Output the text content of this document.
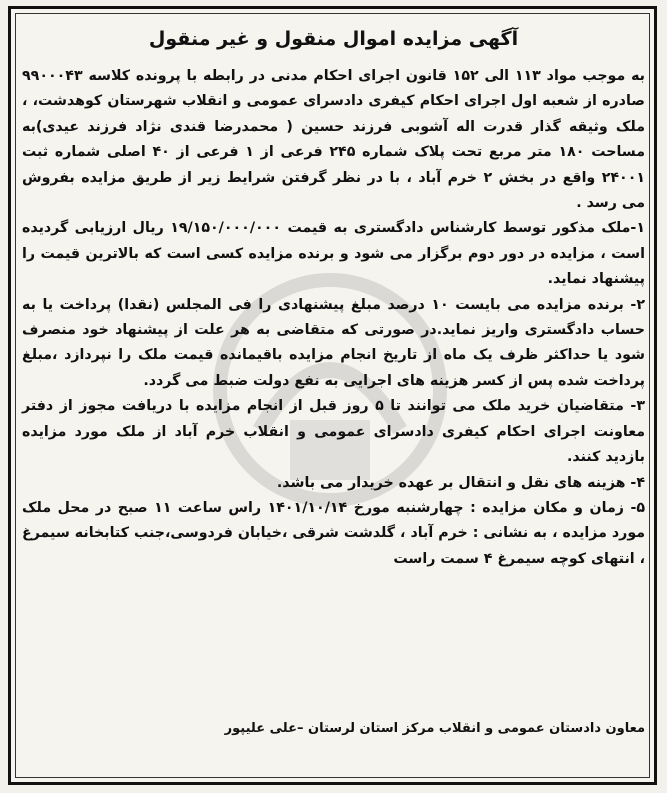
آگهی مزایده اموال منقول و غیر منقول

به موجب مواد ۱۱۳ الی ۱۵۲ قانون اجرای احکام مدنی در رابطه با پرونده کلاسه ۹۹۰۰۰۴۳ صادره از شعبه اول اجرای احکام کیفری دادسرای عمومی و انقلاب شهرستان کوهدشت، ، ملک وثیقه گذار قدرت اله آشوبی فرزند حسین ( محمدرضا قندی نژاد فرزند عیدی)به مساحت ۱۸۰ متر مربع تحت پلاک شماره ۲۴۵ فرعی از ۱ فرعی از ۴۰ اصلی شماره ثبت ۲۴۰۰۱ واقع در بخش ۲ خرم آباد ، با در نظر گرفتن شرایط زیر از طریق مزایده بفروش می رسد .

۱-ملک مذکور توسط کارشناس دادگستری به قیمت ۱۹/۱۵۰/۰۰۰/۰۰۰ ریال ارزیابی گردیده است ، مزایده در دور دوم برگزار می شود و برنده مزایده کسی است که بالاترین قیمت را پیشنهاد نماید.

۲- برنده مزایده می بایست ۱۰ درصد مبلغ پیشنهادی را فی المجلس (نقدا) پرداخت یا به حساب دادگستری واریز نماید.در صورتی که متقاضی به هر علت از پیشنهاد خود منصرف شود یا حداکثر ظرف یک ماه از تاریخ انجام مزایده باقیمانده قیمت ملک را نپردازد ،مبلغ پرداخت شده پس از کسر هزینه های اجرایی به نفع دولت ضبط می گردد.

۳- متقاضیان خرید ملک می توانند تا ۵ روز قبل از انجام مزایده با دریافت مجوز از دفتر معاونت اجرای احکام کیفری دادسرای عمومی و انقلاب خرم آباد از ملک مورد مزایده بازدید کنند.

۴- هزینه های نقل و انتقال بر عهده خریدار می باشد.

۵- زمان و مکان مزایده : چهارشنبه مورخ ۱۴۰۱/۱۰/۱۴ راس ساعت ۱۱ صبح در محل ملک مورد مزایده ، به نشانی : خرم آباد ، گلدشت شرقی ،خیابان فردوسی،جنب کتابخانه سیمرغ ، انتهای کوچه سیمرغ ۴ سمت راست

معاون دادستان عمومی و انقلاب مرکز استان لرستان –علی علیپور
